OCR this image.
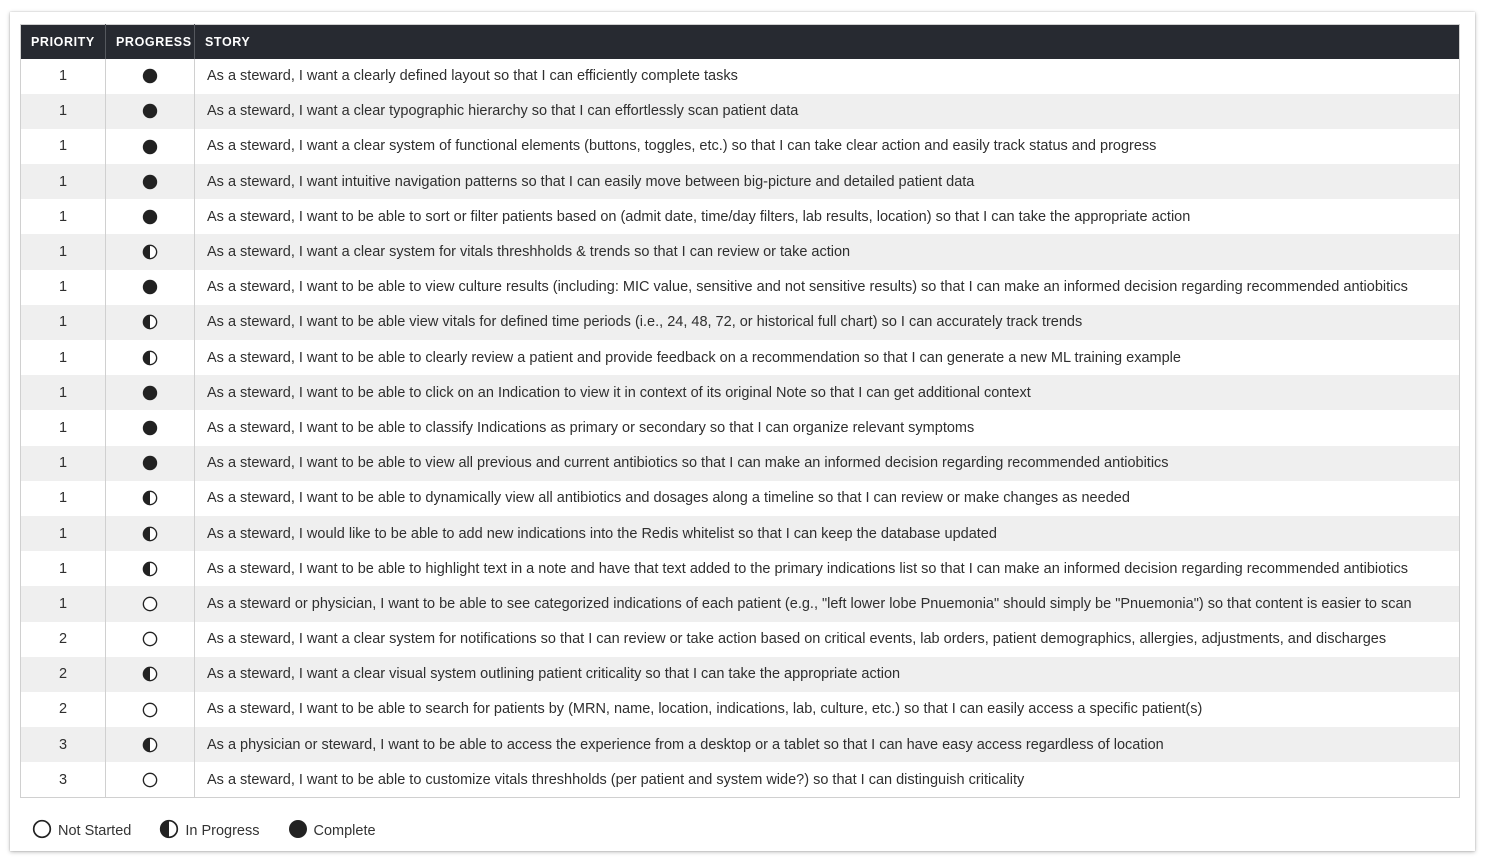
PRIORITY	PROGRESS	STORY
1		As a steward, I want a clearly defined layout so that I can efficiently complete tasks
1		As a steward, I want a clear typographic hierarchy so that I can effortlessly scan patient data
1		As a steward, I want a clear system of functional elements (buttons, toggles, etc.) so that I can take clear action and easily track status and progress
1		As a steward, I want intuitive navigation patterns so that I can easily move between big-picture and detailed patient data
1		As a steward, I want to be able to sort or filter patients based on (admit date, time/day filters, lab results, location) so that I can take the appropriate action
1		As a steward, I want a clear system for vitals threshholds & trends so that I can review or take action
1		As a steward, I want to be able to view culture results (including: MIC value, sensitive and not sensitive results) so that I can make an informed decision regarding recommended antiobitics
1		As a steward, I want to be able view vitals for defined time periods (i.e., 24, 48, 72, or historical full chart) so I can accurately track trends
1		As a steward, I want to be able to clearly review a patient and provide feedback on a recommendation so that I can generate a new ML training example
1		As a steward, I want to be able to click on an Indication to view it in context of its original Note so that I can get additional context
1		As a steward, I want to be able to classify Indications as primary or secondary so that I can organize relevant symptoms
1		As a steward, I want to be able to view all previous and current antibiotics so that I can make an informed decision regarding recommended antiobitics
1		As a steward, I want to be able to dynamically view all antibiotics and dosages along a timeline so that I can review or make changes as needed
1		As a steward, I would like to be able to add new indications into the Redis whitelist so that I can keep the database updated
1		As a steward, I want to be able to highlight text in a note and have that text added to the primary indications list so that I can make an informed decision regarding recommended antibiotics
1		As a steward or physician, I want to be able to see categorized indications of each patient (e.g., "left lower lobe Pnuemonia" should simply be "Pnuemonia") so that content is easier to scan
2		As a steward, I want a clear system for notifications so that I can review or take action based on critical events, lab orders, patient demographics, allergies, adjustments, and discharges
2		As a steward, I want a clear visual system outlining patient criticality so that I can take the appropriate action
2		As a steward, I want to be able to search for patients by (MRN, name, location, indications, lab, culture, etc.) so that I can easily access a specific patient(s)
3		As a physician or steward, I want to be able to access the experience from a desktop or a tablet so that I can have easy access regardless of location
3		As a steward, I want to be able to customize vitals threshholds (per patient and system wide?) so that I can distinguish criticality
Not Started	In Progress	Complete
